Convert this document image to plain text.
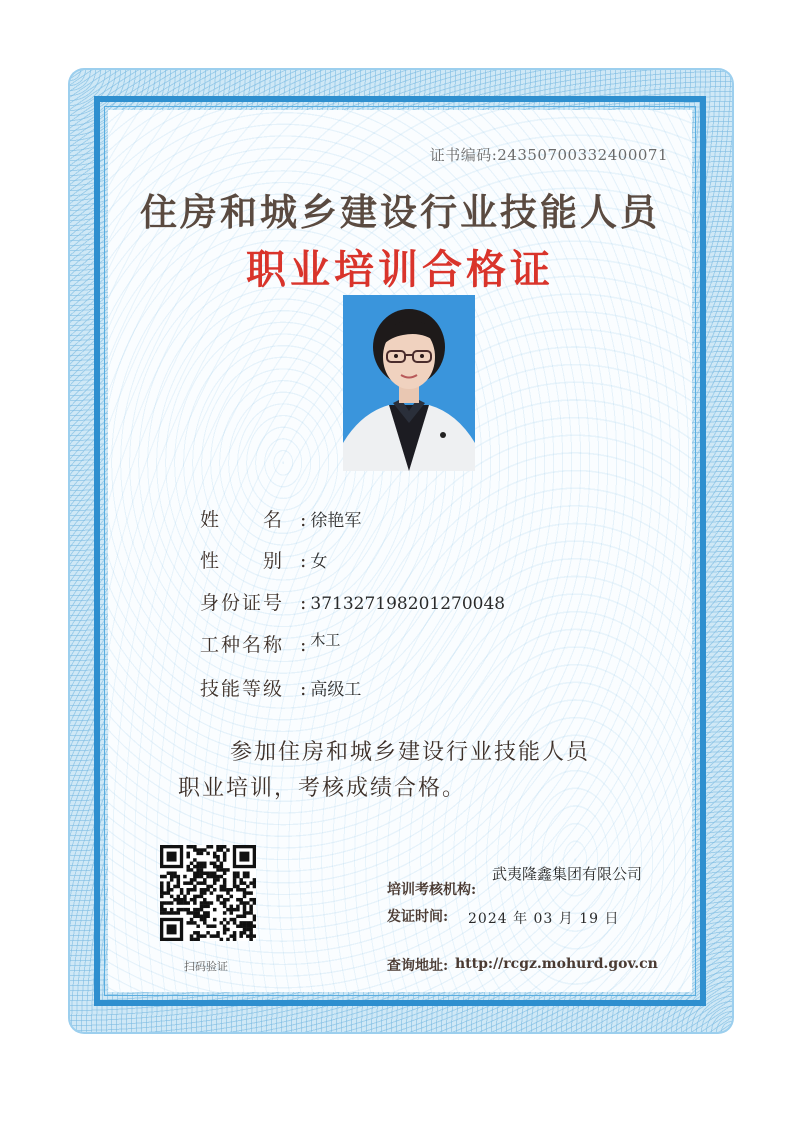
证书编码:24350700332400071
住房和城乡建设行业技能人员
职业培训合格证
姓　　名 : 徐艳军
性　　别 : 女
身份证号 : 371327198201270048
工种名称 : 木工
技能等级 : 高级工
参加住房和城乡建设行业技能人员
职业培训，考核成绩合格。
扫码验证
武夷隆鑫集团有限公司
培训考核机构:
发证时间: 2024 年 03 月 19 日
查询地址: http://rcgz.mohurd.gov.cn
